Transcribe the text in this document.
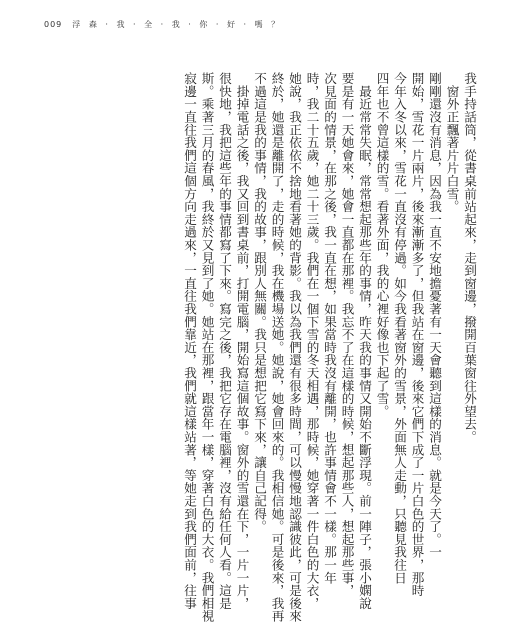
009 浮 森 · 我 · 全 · 我 · 你 · 好 · 嗎 ？
我手持話筒，從書桌前站起來，走到窗邊，撥開百葉窗往外望去。
　窗外正飄著片片白雪。
剛剛還沒有消息，因為我一直不安地擔憂著有一天會聽到這樣的消息。就是今天了。一
開始，雪花一片兩片，後來漸漸多了，但我站在窗邊，後來它們下成了一片白色的世界，那時
今年入冬以來，雪花一直沒有停過。如今我看著窗外的雪景，外面無人走動，只聽見我往日
四年也不曾這樣的雪。看著外面，我的心裡好像也下起了雪。
　最近常常失眠，常常想起那些年的事情，昨天我的事情又開始不斷浮現。前一陣子，張小嫻說
要是有一天她會來，她會一直都在那裡。我忘不了在這樣的時候，想起那些人，想起那些事，
次見面的情景，在那之後，我一直在想，如果當時我沒有離開，也許事情會不一樣。那一年
時，我二十五歲，她二十三歲。我們在一個下雪的冬天相遇，那時候，她穿著一件白色的大衣，
她說，我正依依不捨地看著她的背影。我以為我們還有很多時間，可以慢慢地認識彼此，可是後來
終於，她還是離開了，走的時候，我在機場送她。她說，她會回來的。我相信她。可是後來，我再
不過這是我的事情，我的故事，跟別人無關。我只是想把它寫下來，讓自己記得。
　掛掉電話之後，我又回到書桌前，打開電腦，開始寫這個故事。窗外的雪還在下，一片一片，
很快地，我把這些年的事情都寫了下來。寫完之後，我把它存在電腦裡，沒有給任何人看。這是
斯。乘著三月的春風，我終於又見到了她。她站在那裡，跟當年一樣，穿著白色的大衣。我們相視
寂邊一直往我們這個方向走過來，一直往我們靠近，我們就這樣站著，等她走到我們面前，往事
